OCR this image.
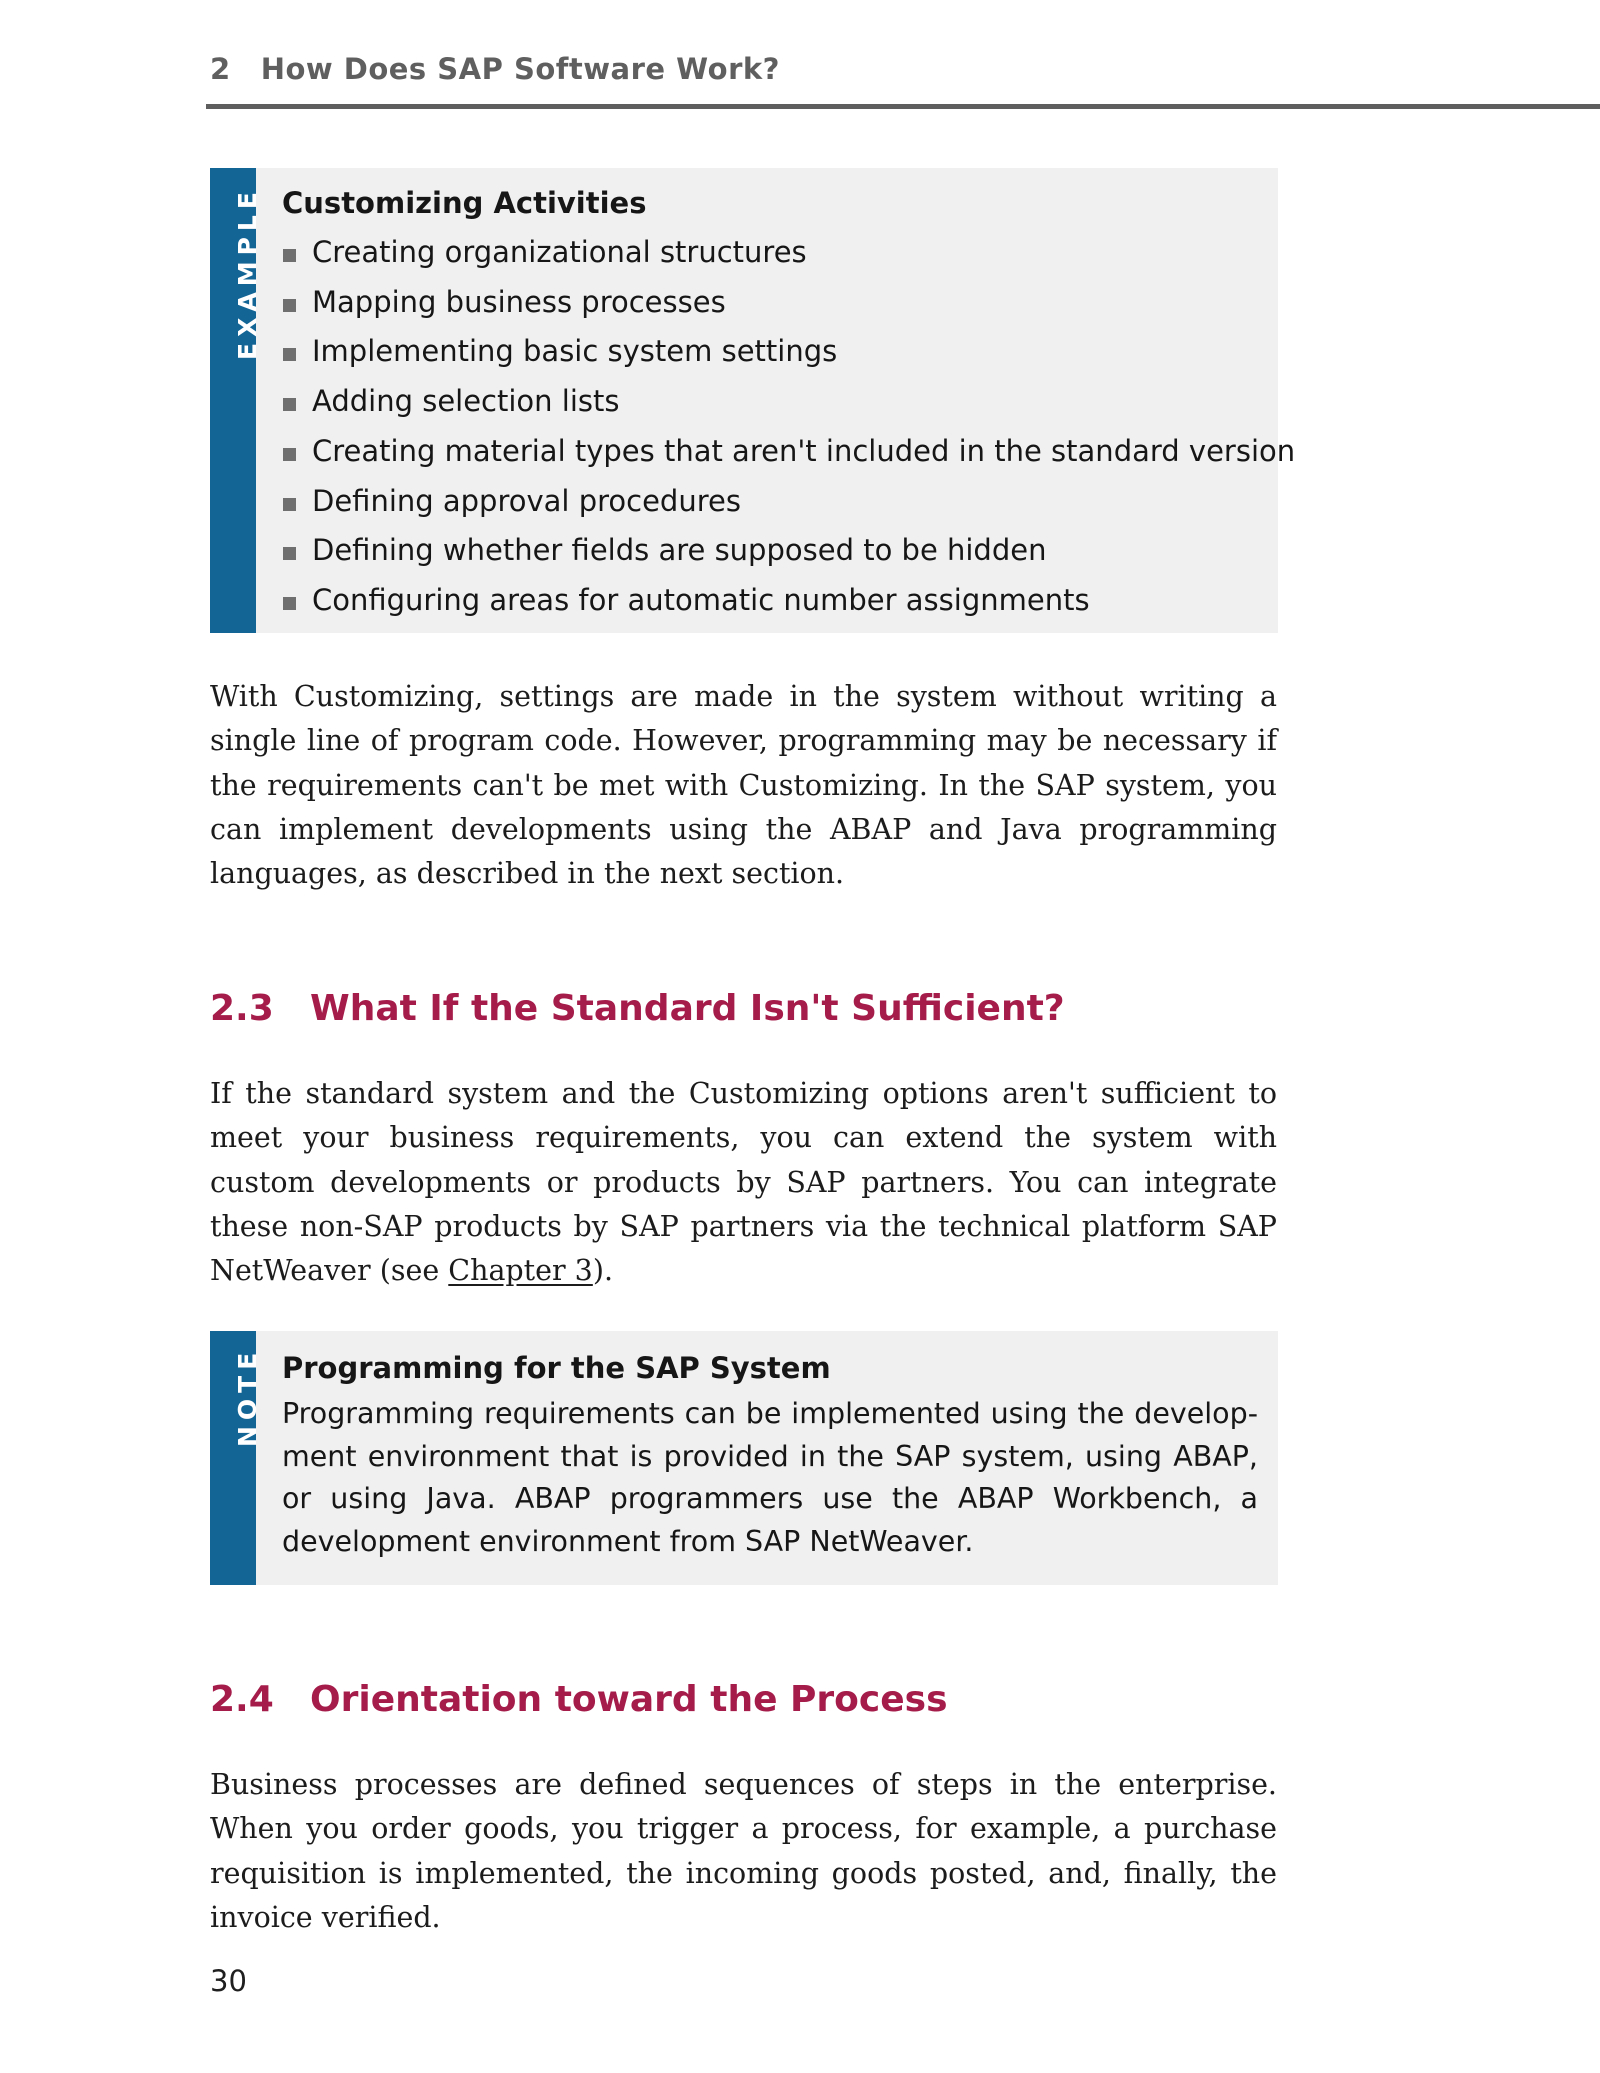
2 How Does SAP Software Work?
EXAMPLE Customizing Activities
Creating organizational structures
Mapping business processes
Implementing basic system settings
Adding selection lists
Creating material types that aren't included in the standard version
Defining approval procedures
Defining whether fields are supposed to be hidden
Configuring areas for automatic number assignments

With Customizing, settings are made in the system without writing a single line of program code. However, programming may be necessary if the requirements can't be met with Customizing. In the SAP system, you can implement developments using the ABAP and Java programming languages, as described in the next section.

2.3 What If the Standard Isn't Sufficient?

If the standard system and the Customizing options aren't sufficient to meet your business requirements, you can extend the system with custom developments or products by SAP partners. You can integrate these non-SAP products by SAP partners via the technical platform SAP NetWeaver (see Chapter 3).

NOTE Programming for the SAP System
Programming requirements can be implemented using the development environment that is provided in the SAP system, using ABAP, or using Java. ABAP programmers use the ABAP Workbench, a development environment from SAP NetWeaver.
2.4 Orientation toward the Process

Business processes are defined sequences of steps in the enterprise. When you order goods, you trigger a process, for example, a purchase requisition is implemented, the incoming goods posted, and, finally, the invoice verified.

30
